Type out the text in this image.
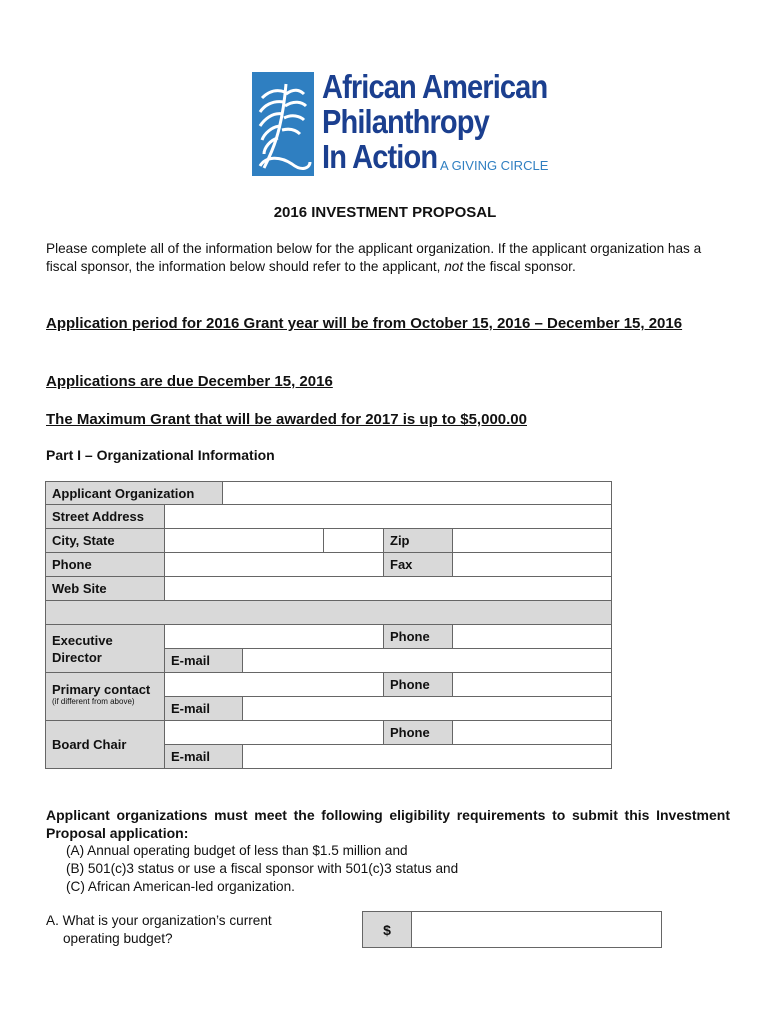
African American
Philanthropy
In Action A GIVING CIRCLE
2016 INVESTMENT PROPOSAL
Please complete all of the information below for the applicant organization. If the applicant organization has a fiscal sponsor, the information below should refer to the applicant, not the fiscal sponsor.
Application period for 2016 Grant year will be from October 15, 2016 – December 15, 2016
Applications are due December 15, 2016
The Maximum Grant that will be awarded for 2017 is up to $5,000.00
Part I – Organizational Information
Applicant Organization
Street Address
City, State	Zip
Phone	Fax
Web Site
Executive Director
Phone
E-mail
Primary contact
(if different from above)
Phone
E-mail
Board Chair
Phone
E-mail
Applicant organizations must meet the following eligibility requirements to submit this Investment Proposal application:
(A) Annual operating budget of less than $1.5 million and
(B) 501(c)3 status or use a fiscal sponsor with 501(c)3 status and
(C) African American-led organization.
A. What is your organization’s current
operating budget?
$
